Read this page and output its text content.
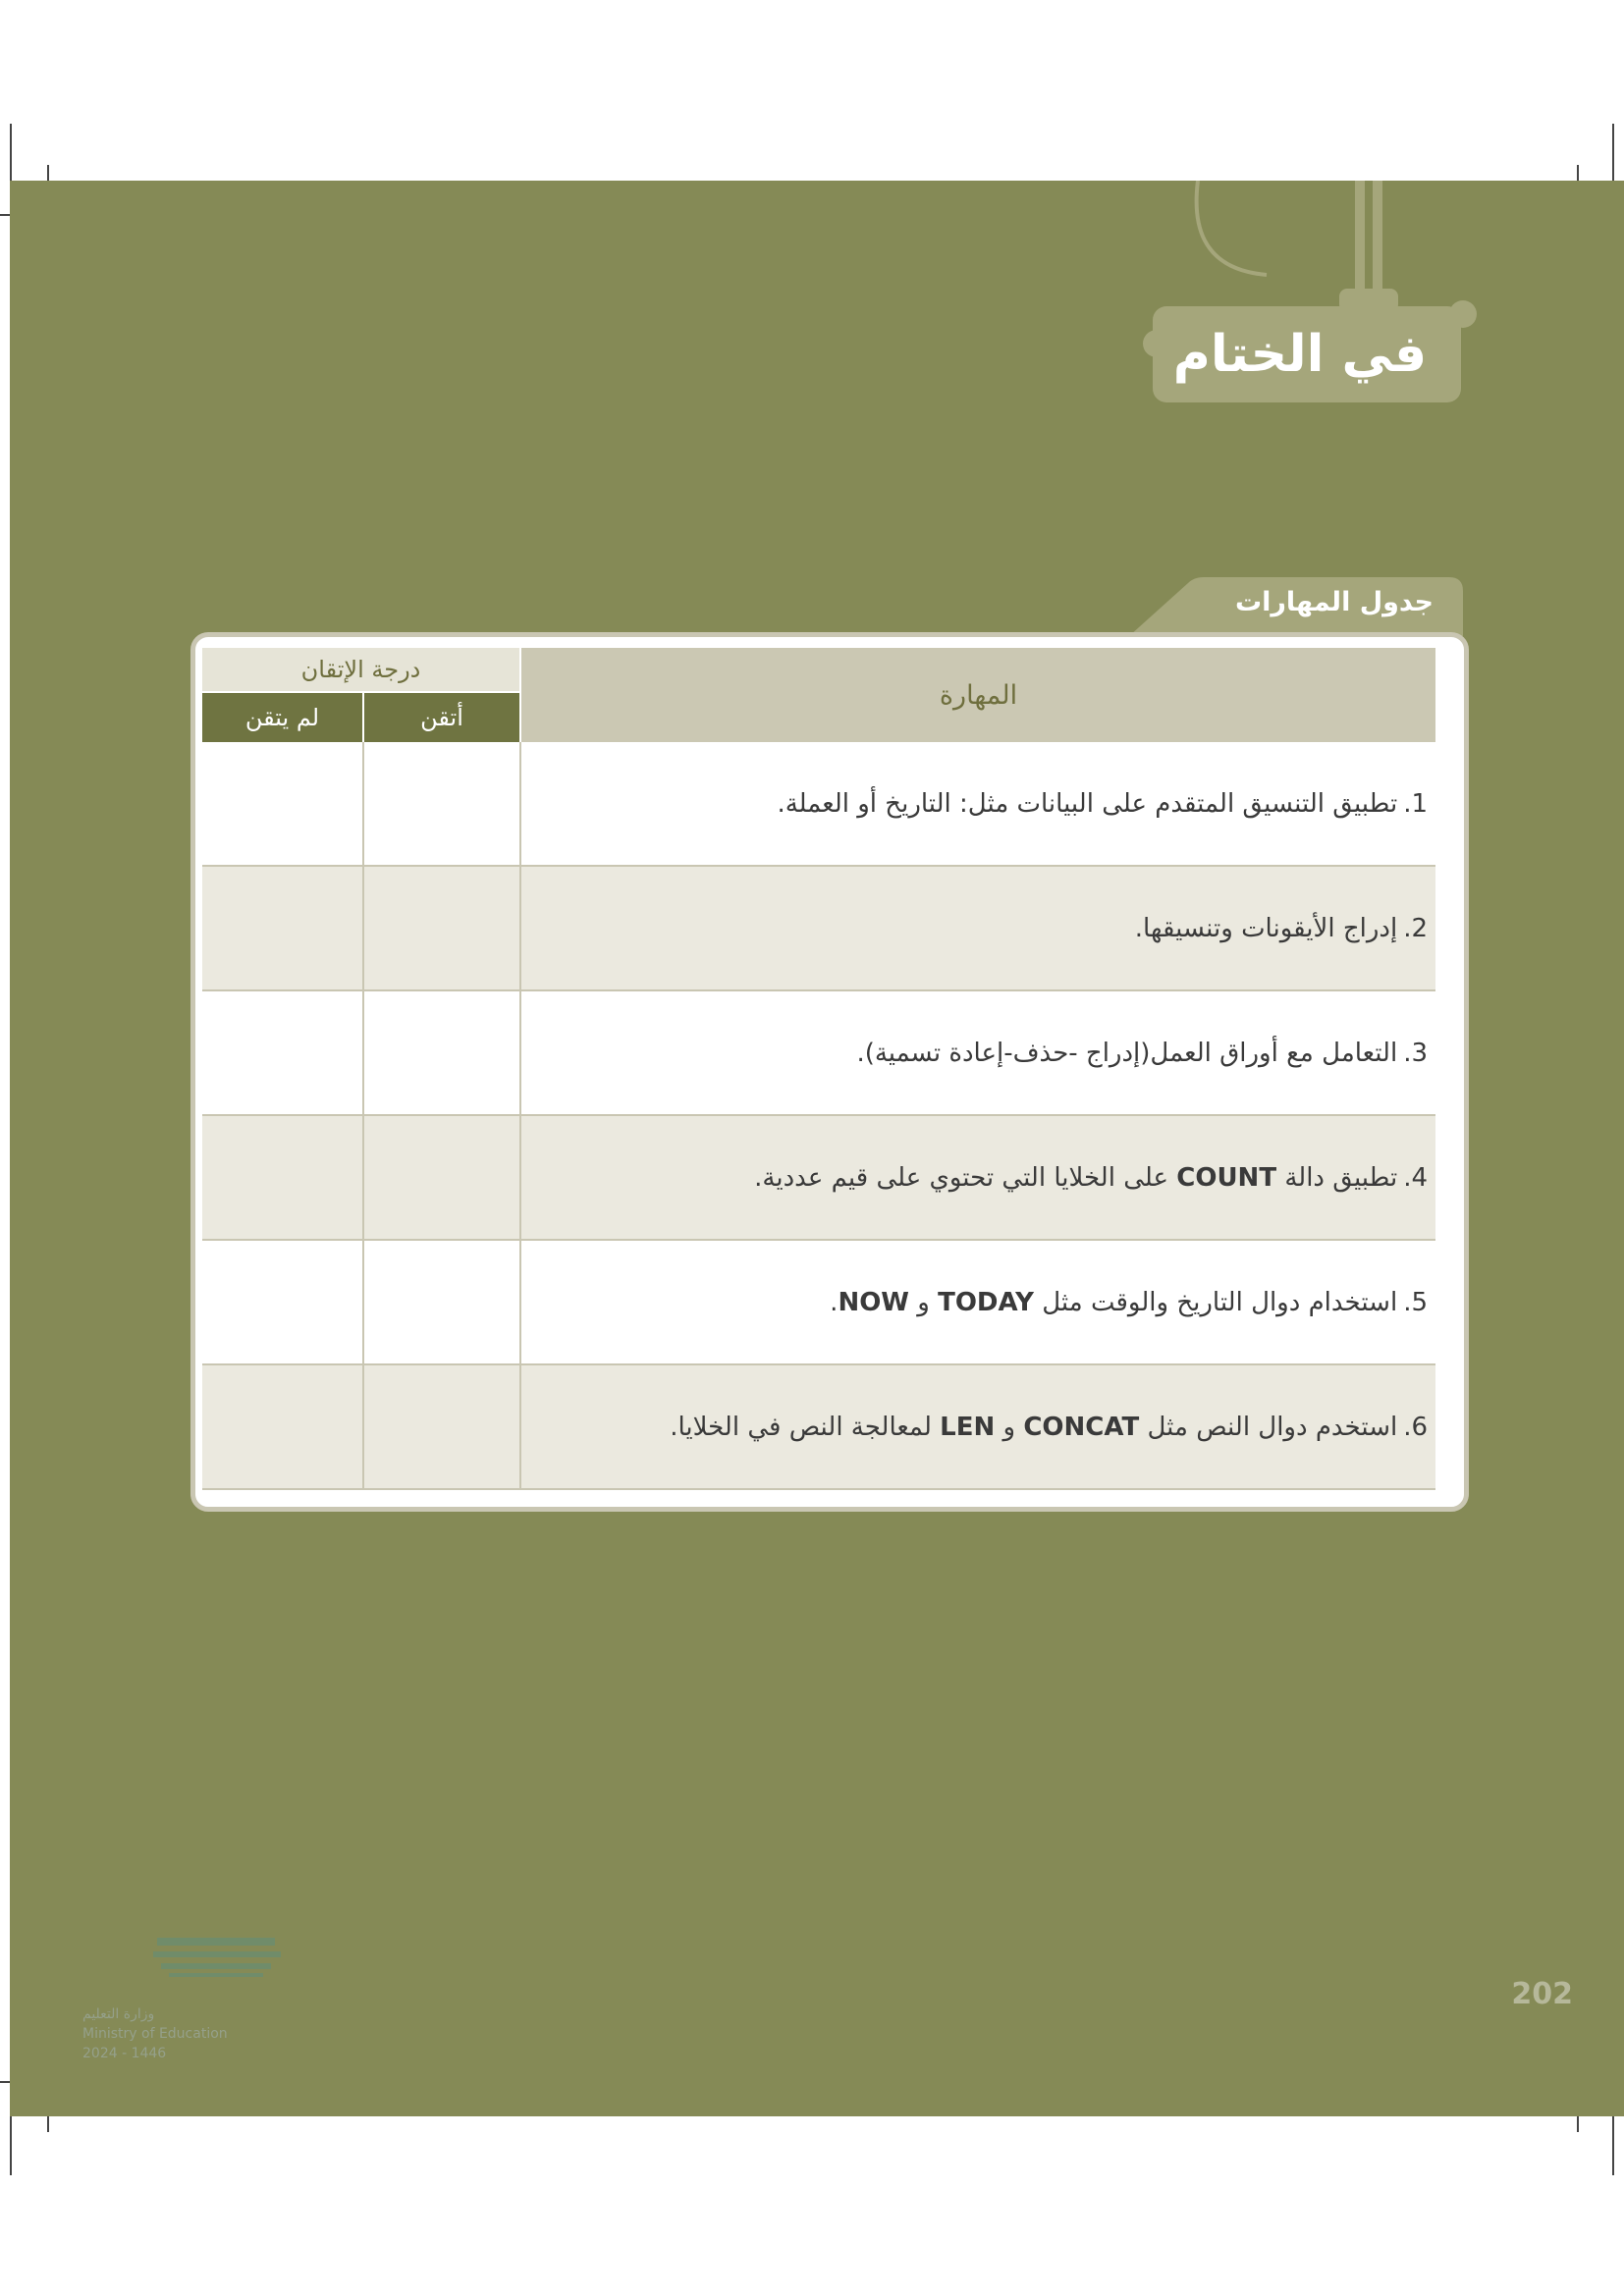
في الختام
جدول المهارات
المهارة	درجة الإتقان	
	أتقن	لم يتقن
1.تطبيق التنسيق المتقدم على البيانات مثل: التاريخ أو العملة.		
2.إدراج الأيقونات وتنسيقها.		
3.التعامل مع أوراق العمل(إدراج -حذف-إعادة تسمية).		
4.تطبيق دالة COUNT على الخلايا التي تحتوي على قيم عددية.		
5.استخدام دوال التاريخ والوقت مثل TODAY و NOW.		
6.استخدم دوال النص مثل CONCAT و LEN لمعالجة النص في الخلايا.		
202
وزارة التعليم
Ministry of Education
2024 - 1446
